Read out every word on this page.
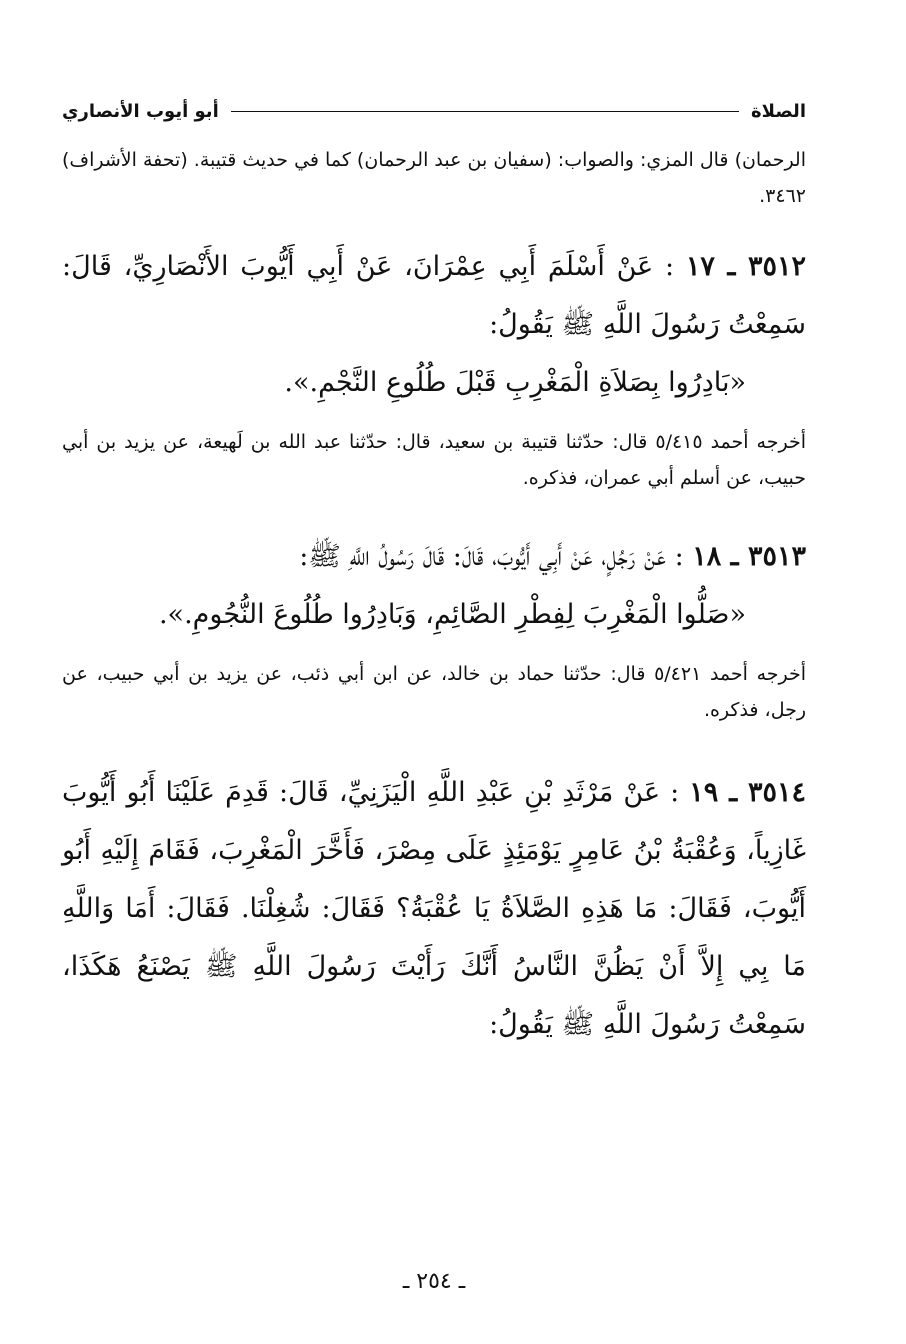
الصلاة
أبو أيوب الأنصاري

الرحمان) قال المزي: والصواب: (سفيان بن عبد الرحمان) كما في حديث قتيبة. (تحفة الأشراف) ٣٤٦٢.

٣٥١٢ ـ ١٧ : عَنْ أَسْلَمَ أَبِي عِمْرَانَ، عَنْ أَبِي أَيُّوبَ الأَنْصَارِيِّ، قَالَ: سَمِعْتُ رَسُولَ اللَّهِ ﷺ يَقُولُ:

«بَادِرُوا بِصَلاَةِ الْمَغْرِبِ قَبْلَ طُلُوعِ النَّجْمِ.».

أخرجه أحمد ٥/٤١٥ قال: حدّثنا قتيبة بن سعيد، قال: حدّثنا عبد الله بن لَهيعة، عن يزيد بن أبي حبيب، عن أسلم أبي عمران، فذكره.

٣٥١٣ ـ ١٨ : عَنْ رَجُلٍ، عَنْ أَبِي أَيُّوبَ، قَالَ: قَالَ رَسُولُ اللَّهِ ﷺ:

«صَلُّوا الْمَغْرِبَ لِفِطْرِ الصَّائِمِ، وَبَادِرُوا طُلُوعَ النُّجُومِ.».

أخرجه أحمد ٥/٤٢١ قال: حدّثنا حماد بن خالد، عن ابن أبي ذئب، عن يزيد بن أبي حبيب، عن رجل، فذكره.

٣٥١٤ ـ ١٩ : عَنْ مَرْثَدِ بْنِ عَبْدِ اللَّهِ الْيَزَنِيِّ، قَالَ: قَدِمَ عَلَيْنَا أَبُو أَيُّوبَ غَازِياً، وَعُقْبَةُ بْنُ عَامِرٍ يَوْمَئِذٍ عَلَى مِصْرَ، فَأَخَّرَ الْمَغْرِبَ، فَقَامَ إِلَيْهِ أَبُو أَيُّوبَ، فَقَالَ: مَا هَذِهِ الصَّلاَةُ يَا عُقْبَةُ؟ فَقَالَ: شُغِلْنَا. فَقَالَ: أَمَا وَاللَّهِ مَا بِي إِلاَّ أَنْ يَظُنَّ النَّاسُ أَنَّكَ رَأَيْتَ رَسُولَ اللَّهِ ﷺ يَصْنَعُ هَكَذَا، سَمِعْتُ رَسُولَ اللَّهِ ﷺ يَقُولُ:

ـ ٢٥٤ ـ
